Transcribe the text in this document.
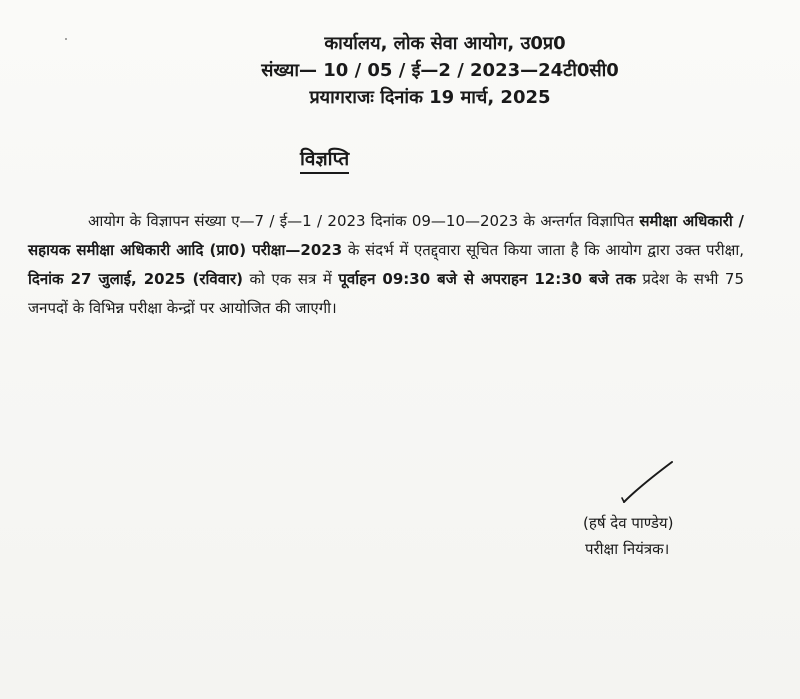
कार्यालय, लोक सेवा आयोग, उ0प्र0
संख्या— 10 / 05 / ई—2 / 2023—24टी0सी0
प्रयागराजः दिनांक 19 मार्च, 2025
विज्ञप्ति

आयोग के विज्ञापन संख्या ए—7 / ई—1 / 2023 दिनांक 09—10—2023 के अन्तर्गत विज्ञापित समीक्षा अधिकारी / सहायक समीक्षा अधिकारी आदि (प्रा0) परीक्षा—2023 के संदर्भ में एतद्द्वारा सूचित किया जाता है कि आयोग द्वारा उक्त परीक्षा, दिनांक 27 जुलाई, 2025 (रविवार) को एक सत्र में पूर्वाहन 09:30 बजे से अपराहन 12:30 बजे तक प्रदेश के सभी 75 जनपदों के विभिन्न परीक्षा केन्द्रों पर आयोजित की जाएगी।

(हर्ष देव पाण्डेय)
परीक्षा नियंत्रक।
